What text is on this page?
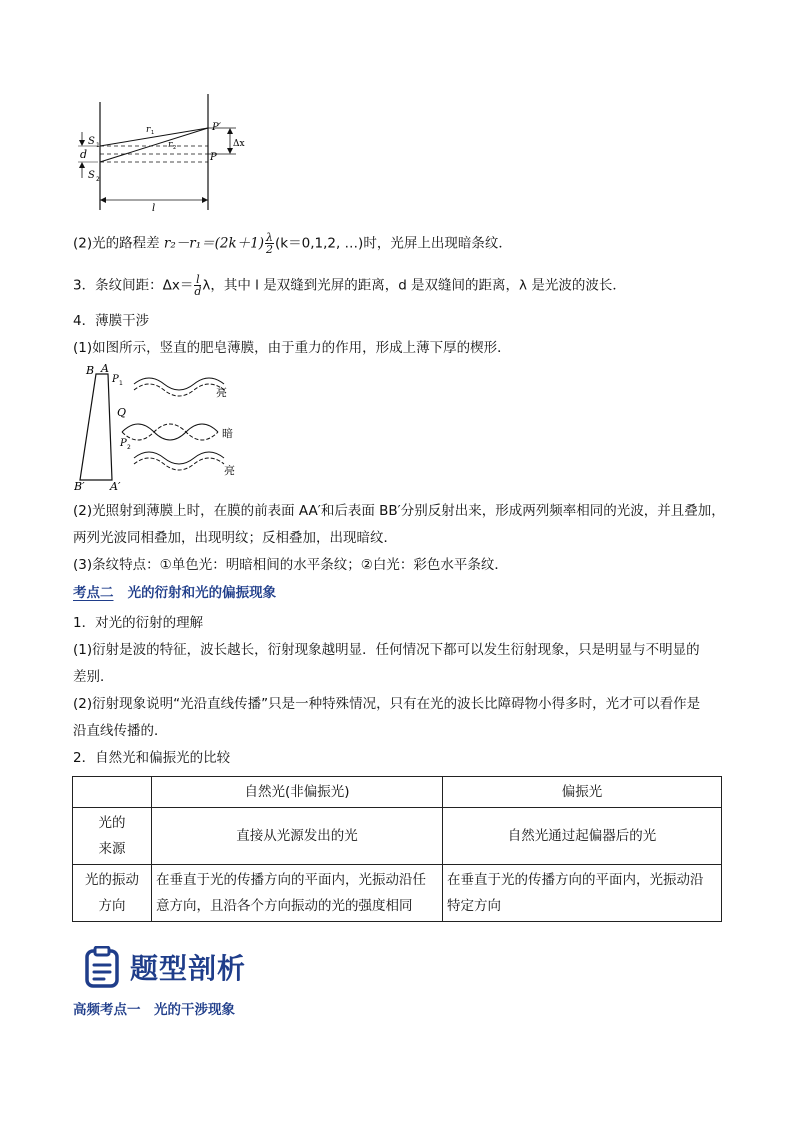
S 1
d
S 2
r 1
r 2
P′
P
Δx
l
(2)光的路程差 $r_2-r_1=(2k+1) \frac{\lambda}{2} (k=0,1,2$, …)时，光屏上出现暗条纹．
3．条纹间距：$\Delta x= \frac{l}{d}$ λ，其中 l 是双缝到光屏的距离，d 是双缝间的距离，λ 是光波的波长．
4．薄膜干涉
(1)如图所示，竖直的肥皂薄膜，由于重力的作用，形成上薄下厚的楔形．
B A
P 1
Q
P 2
B′ A′
亮
暗
亮
(2)光照射到薄膜上时，在膜的前表面 AA′和后表面 BB′分别反射出来，形成两列频率相同的光波，并且叠加，
两列光波同相叠加，出现明纹；反相叠加，出现暗纹．
(3)条纹特点：①单色光：明暗相间的水平条纹；②白光：彩色水平条纹．
考点二 光的衍射和光的偏振现象
1．对光的衍射的理解
(1)衍射是波的特征，波长越长，衍射现象越明显．任何情况下都可以发生衍射现象，只是明显与不明显的
差别．
(2)衍射现象说明“光沿直线传播”只是一种特殊情况，只有在光的波长比障碍物小得多时，光才可以看作是
沿直线传播的．
2．自然光和偏振光的比较
	自然光(非偏振光)	偏振光
光的
来源	直接从光源发出的光	自然光通过起偏器后的光
光的振动
方向	在垂直于光的传播方向的平面内，光振动沿任
意方向，且沿各个方向振动的光的强度相同	在垂直于光的传播方向的平面内，光振动沿
特定方向
题型剖析
高频考点一　光的干涉现象
